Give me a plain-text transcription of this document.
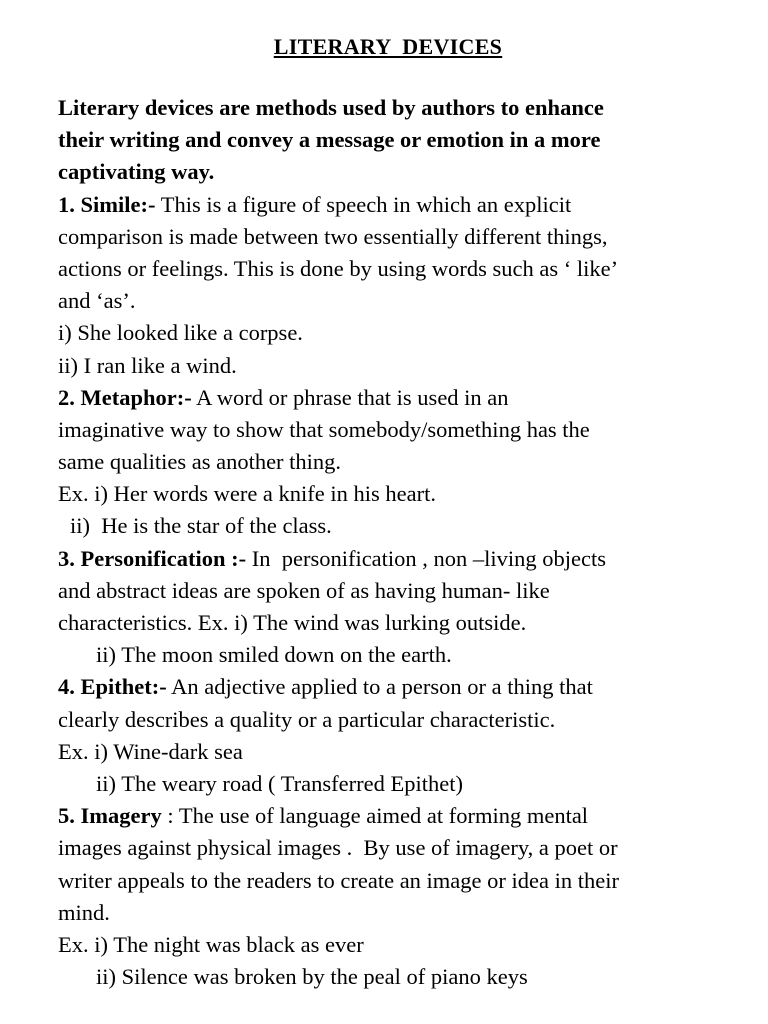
LITERARY  DEVICES
Literary devices are methods used by authors to enhance
their writing and convey a message or emotion in a more
captivating way.
1. Simile:- This is a figure of speech in which an explicit
comparison is made between two essentially different things,
actions or feelings. This is done by using words such as ‘ like’
and ‘as’.
i) She looked like a corpse.
ii) I ran like a wind.
2. Metaphor:- A word or phrase that is used in an
imaginative way to show that somebody/something has the
same qualities as another thing.
Ex. i) Her words were a knife in his heart.
ii)  He is the star of the class.
3. Personification :- In  personification , non –living objects
and abstract ideas are spoken of as having human- like
characteristics. Ex. i) The wind was lurking outside.
ii) The moon smiled down on the earth.
4. Epithet:- An adjective applied to a person or a thing that
clearly describes a quality or a particular characteristic.
Ex. i) Wine-dark sea
ii) The weary road ( Transferred Epithet)
5. Imagery : The use of language aimed at forming mental
images against physical images .  By use of imagery, a poet or
writer appeals to the readers to create an image or idea in their
mind.
Ex. i) The night was black as ever
ii) Silence was broken by the peal of piano keys
